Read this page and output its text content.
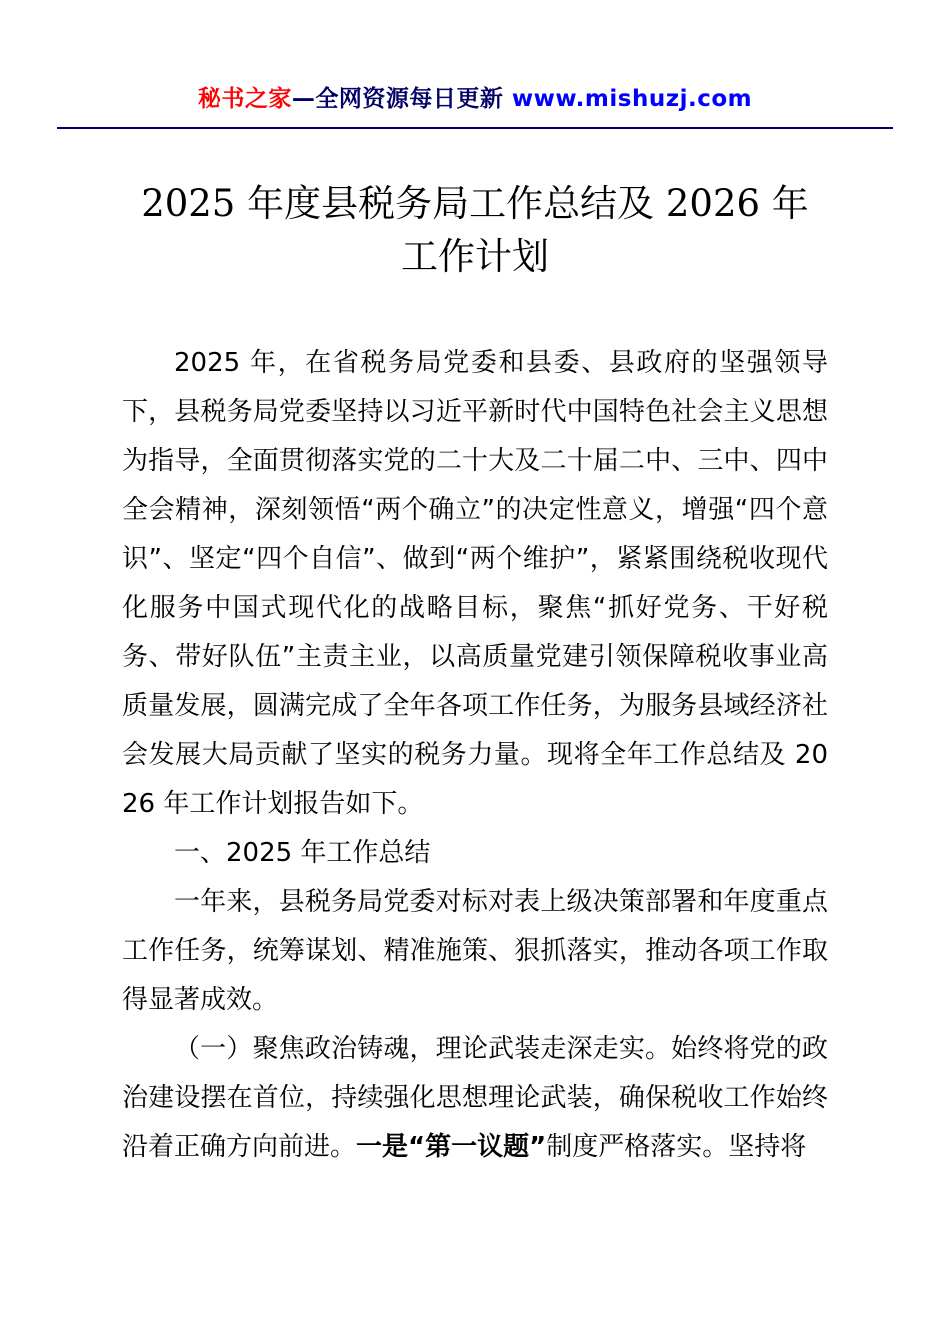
秘书之家—全网资源每日更新 www.mishuzj.com
2025 年度县税务局工作总结及 2026 年
工作计划

2025 年，在省税务局党委和县委、县政府的坚强领导下，县税务局党委坚持以习近平新时代中国特色社会主义思想为指导，全面贯彻落实党的二十大及二十届二中、三中、四中全会精神，深刻领悟“两个确立”的决定性意义，增强“四个意识”、坚定“四个自信”、做到“两个维护”，紧紧围绕税收现代化服务中国式现代化的战略目标，聚焦“抓好党务、干好税务、带好队伍”主责主业，以高质量党建引领保障税收事业高质量发展，圆满完成了全年各项工作任务，为服务县域经济社会发展大局贡献了坚实的税务力量。现将全年工作总结及 2026 年工作计划报告如下。

一、2025 年工作总结

一年来，县税务局党委对标对表上级决策部署和年度重点工作任务，统筹谋划、精准施策、狠抓落实，推动各项工作取得显著成效。

（一）聚焦政治铸魂，理论武装走深走实。始终将党的政治建设摆在首位，持续强化思想理论武装，确保税收工作始终沿着正确方向前进。一是“第一议题”制度严格落实。坚持将
